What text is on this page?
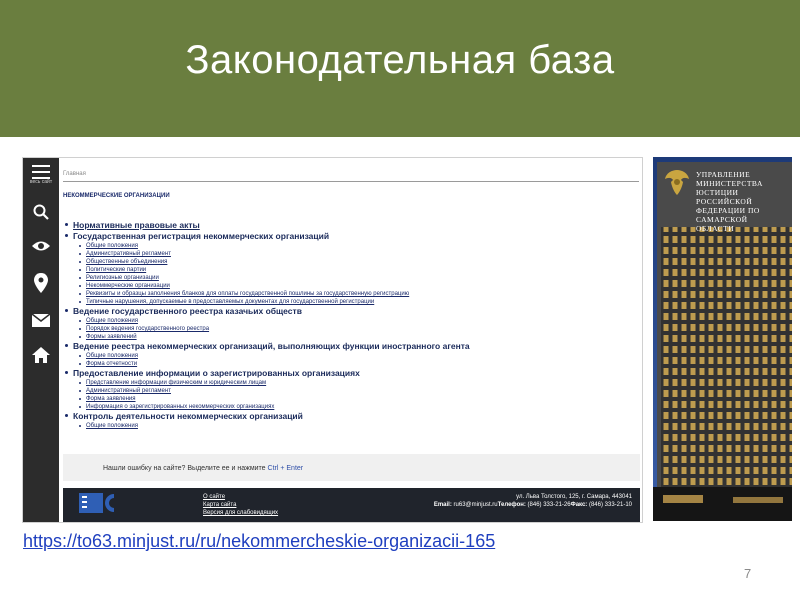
Законодательная база
весь сайт
Главная
НЕКОММЕРЧЕСКИЕ ОРГАНИЗАЦИИ
Нормативные правовые акты
Государственная регистрация некоммерческих организаций
Общие положения
Административный регламент
Общественные объединения
Политические партии
Религиозные организации
Некоммерческие организации
Реквизиты и образцы заполнения бланков для оплаты государственной пошлины за государственную регистрацию
Типичные нарушения, допускаемые в предоставляемых документах для государственной регистрации
Ведение государственного реестра казачьих обществ
Общие положения
Порядок ведения государственного реестра
Формы заявлений
Ведение реестра некоммерческих организаций, выполняющих функции иностранного агента
Общие положения
Форма отчетности
Предоставление информации о зарегистрированных организациях
Представление информации физическим и юридическим лицам
Административный регламент
Форма заявления
Информация о зарегистрированных некоммерческих организациях
Контроль деятельности некоммерческих организаций
Общие положения
Нашли ошибку на сайте? Выделите ее и нажмите Ctrl + Enter
О сайте
Карта сайта
Версия для слабовидящих
ул. Льва Толстого, 125, г. Самара, 443041
Email: ru63@minjust.ruТелефон: (846) 333-21-26Факс: (846) 333-21-10
УПРАВЛЕНИЕ
МИНИСТЕРСТВА
ЮСТИЦИИ
РОССИЙСКОЙ
ФЕДЕРАЦИИ ПО
САМАРСКОЙ
ОБЛАСТИ
https://to63.minjust.ru/ru/nekommercheskie-organizacii-165
7
